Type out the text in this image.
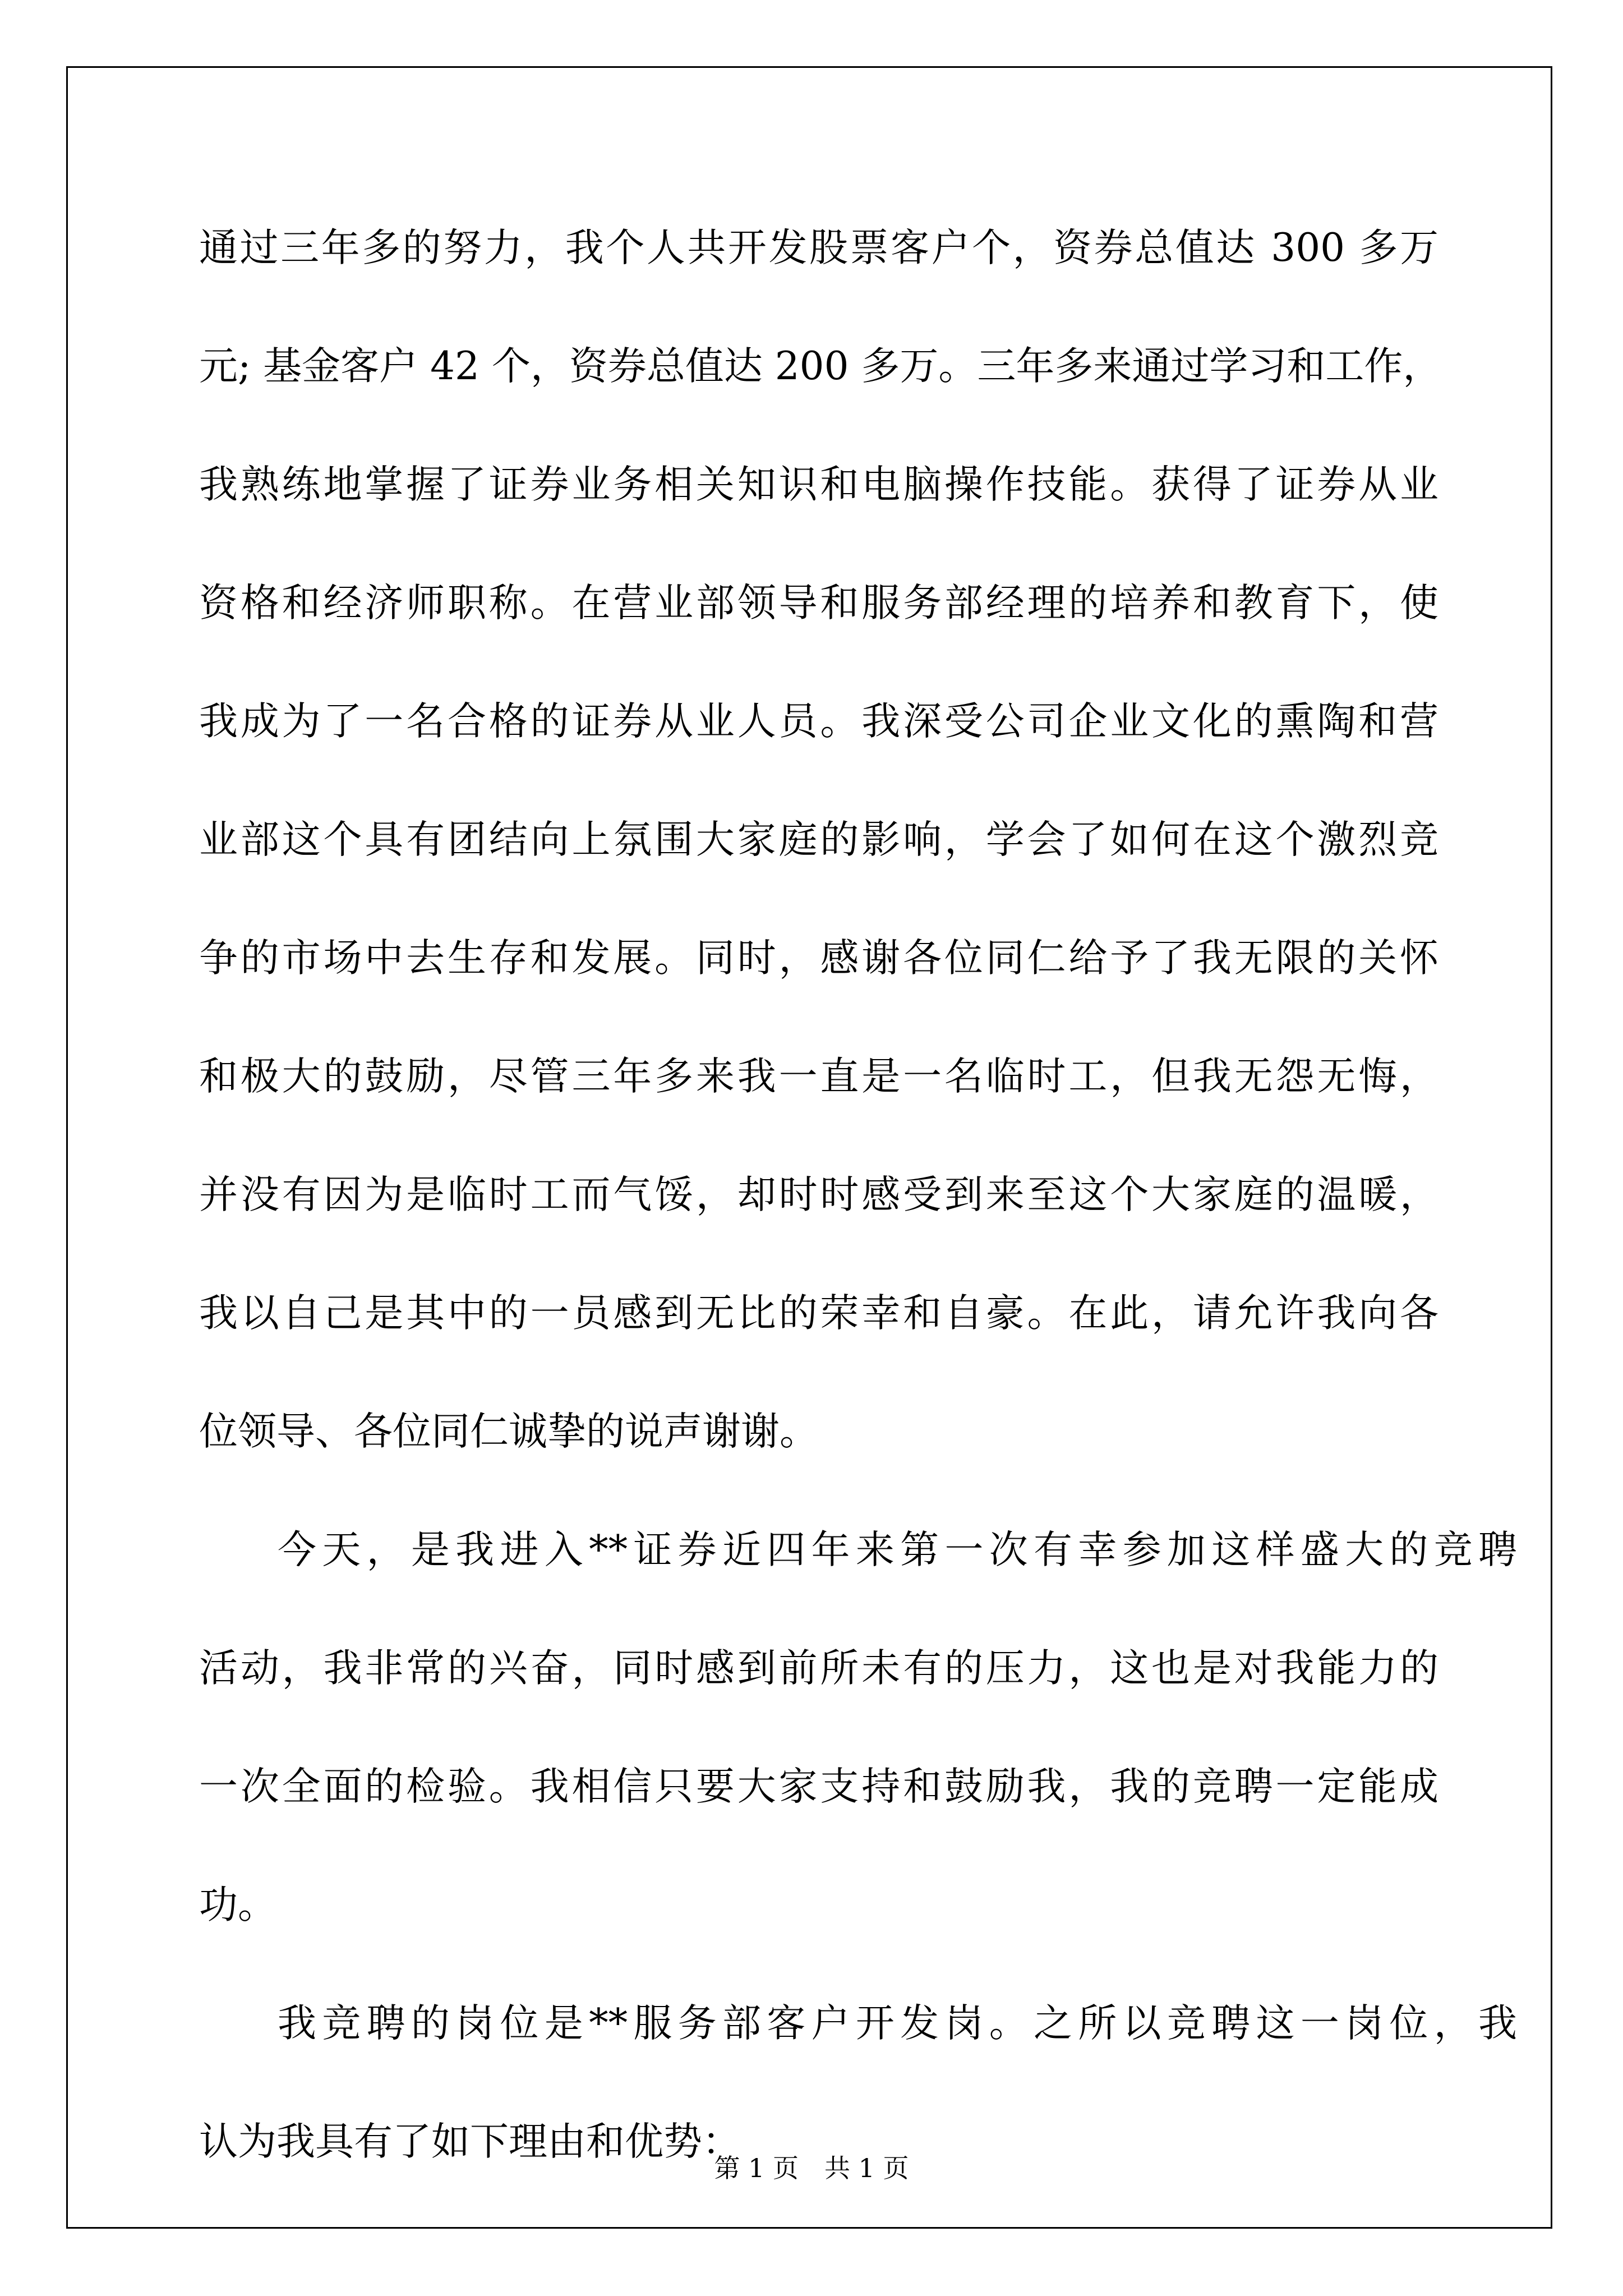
通过三年多的努力，我个人共开发股票客户个，资券总值达 300 多万
元; 基金客户 42 个，资券总值达 200 多万。三年多来通过学习和工作，
我熟练地掌握了证券业务相关知识和电脑操作技能。获得了证券从业
资格和经济师职称。在营业部领导和服务部经理的培养和教育下，使
我成为了一名合格的证券从业人员。我深受公司企业文化的熏陶和营
业部这个具有团结向上氛围大家庭的影响，学会了如何在这个激烈竞
争的市场中去生存和发展。同时，感谢各位同仁给予了我无限的关怀
和极大的鼓励，尽管三年多来我一直是一名临时工，但我无怨无悔，
并没有因为是临时工而气馁，却时时感受到来至这个大家庭的温暖，
我以自己是其中的一员感到无比的荣幸和自豪。在此，请允许我向各
位领导、各位同仁诚挚的说声谢谢。
今天，是我进入**证券近四年来第一次有幸参加这样盛大的竞聘
活动，我非常的兴奋，同时感到前所未有的压力，这也是对我能力的
一次全面的检验。我相信只要大家支持和鼓励我，我的竞聘一定能成
功。
我竞聘的岗位是**服务部客户开发岗。之所以竞聘这一岗位，我
认为我具有了如下理由和优势：
第 1 页　共 1 页
